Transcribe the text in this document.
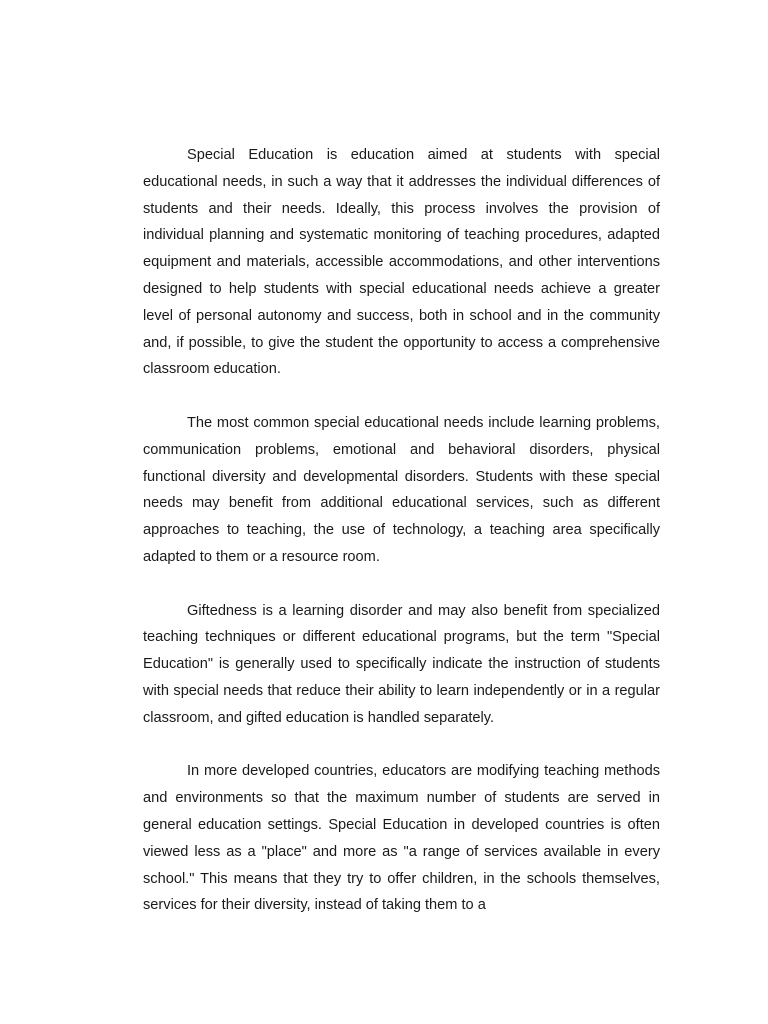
Special Education is education aimed at students with special educational needs, in such a way that it addresses the individual differences of students and their needs. Ideally, this process involves the provision of individual planning and systematic monitoring of teaching procedures, adapted equipment and materials, accessible accommodations, and other interventions designed to help students with special educational needs achieve a greater level of personal autonomy and success, both in school and in the community and, if possible, to give the student the opportunity to access a comprehensive classroom education.

The most common special educational needs include learning problems, communication problems, emotional and behavioral disorders, physical functional diversity and developmental disorders. Students with these special needs may benefit from additional educational services, such as different approaches to teaching, the use of technology, a teaching area specifically adapted to them or a resource room.

Giftedness is a learning disorder and may also benefit from specialized teaching techniques or different educational programs, but the term "Special Education" is generally used to specifically indicate the instruction of students with special needs that reduce their ability to learn independently or in a regular classroom, and gifted education is handled separately.

In more developed countries, educators are modifying teaching methods and environments so that the maximum number of students are served in general education settings. Special Education in developed countries is often viewed less as a "place" and more as "a range of services available in every school." This means that they try to offer children, in the schools themselves, services for their diversity, instead of taking them to a
